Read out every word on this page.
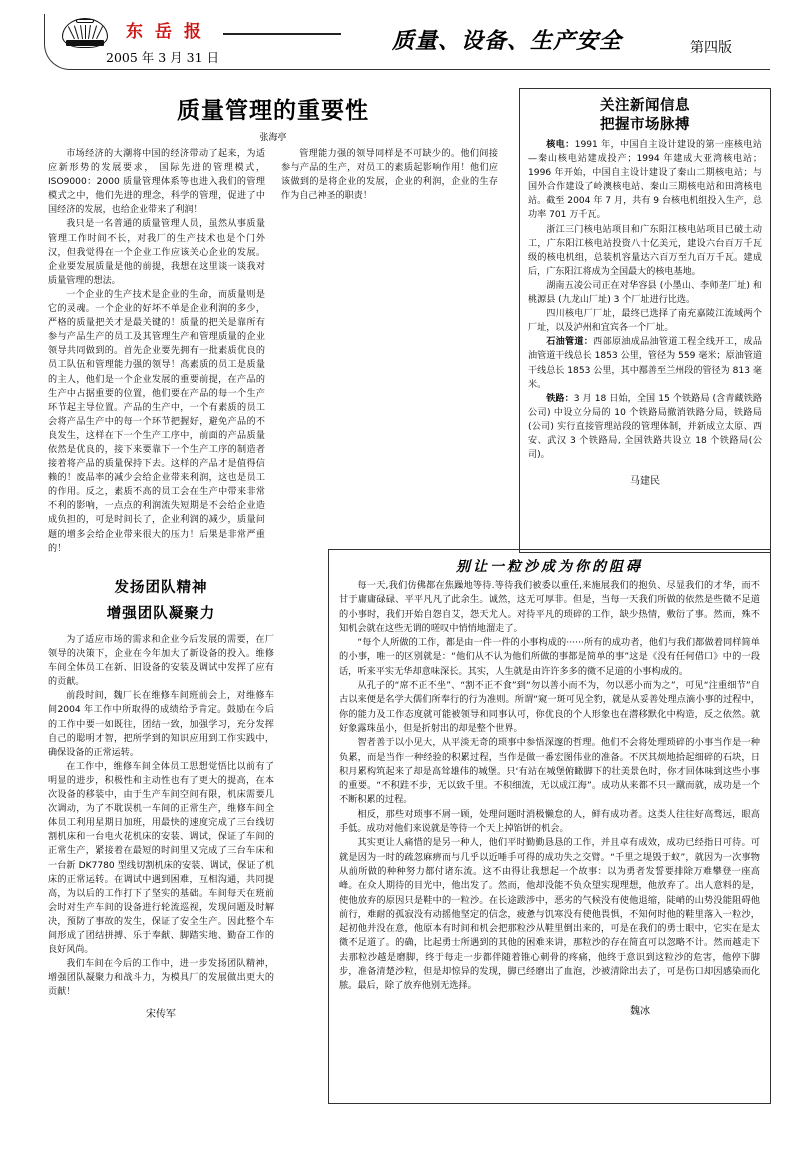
东岳报
2005 年 3 月 31 日
质量、设备、生产安全	第四版
质量管理的重要性
张海亭

市场经济的大潮将中国的经济带动了起来，为适应新形势的发展要求， 国际先进的管理模式， ISO9000：2000 质量管理体系等也进入我们的管理模式之中，他们先进的理念，科学的管理，促进了中国经济的发展，也给企业带来了利润！

我只是一名普通的质量管理人员，虽然从事质量管理工作时间不长，对我厂的生产技术也是个门外汉，但我觉得在一个企业工作应该关心企业的发展。企业要发展质量是他的前提，我想在这里谈一谈我对质量管理的想法。

一个企业的生产技术是企业的生命，而质量则是它的灵魂。一个企业的好坏不单是企业利润的多少，严格的质量把关才是最关键的！质量的把关是靠所有参与产品生产的员工及其管理生产和管理质量的企业领导共同做到的。首先企业要先拥有一批素质优良的员工队伍和管理能力强的领导！高素质的员工是质量的主人，他们是一个企业发展的重要前提，在产品的生产中占据重要的位置，他们要在产品的每一个生产环节起主导位置。产品的生产中，一个有素质的员工会将产品生产中的每一个环节把握好，避免产品的不良发生，这样在下一个生产工序中，前面的产品质量依然是优良的，接下来要靠下一个生产工序的制造者接着将产品的质量保持下去。这样的产品才是值得信赖的！废品率的减少会给企业带来利润，这也是员工的作用。反之，素质不高的员工会在生产中带来非常不利的影响，一点点的利润流失短期是不会给企业造成负担的，可是时间长了，企业利润的减少，质量问题的增多会给企业带来很大的压力！后果是非常严重的！

管理能力强的领导同样是不可缺少的。他们间接参与产品的生产，对员工的素质起影响作用！他们应该做到的是将企业的发展，企业的利润，企业的生存作为自己神圣的职责！

发扬团队精神
增强团队凝聚力

为了适应市场的需求和企业今后发展的需要，在厂领导的决策下，企业在今年加大了新设备的投入。维修车间全体员工在新、旧设备的安装及调试中发挥了应有的贡献。

前段时间，魏厂长在维修车间班前会上，对维修车间2004 年工作中所取得的成绩给予肯定。鼓励在今后的工作中要一如既往，团结一致，加强学习，充分发挥自己的聪明才智，把所学到的知识应用到工作实践中，确保设备的正常运转。

在工作中，维修车间全体员工思想觉悟比以前有了明显的进步，积极性和主动性也有了更大的提高，在本次设备的移装中，由于生产车间空间有限，机床需要几次调动，为了不耽误机一车间的正常生产，维修车间全体员工利用星期日加班，用最快的速度完成了三台线切割机床和一台电火花机床的安装、调试，保证了车间的正常生产，紧接着在最短的时间里又完成了三台车床和一台新 DK7780 型线切割机床的安装、调试，保证了机床的正常运转。在调试中遇到困难，互相沟通，共同提高，为以后的工作打下了坚实的基础。车间每天在班前会时对生产车间的设备进行轮流巡视，发现问题及时解决，预防了事故的发生，保证了安全生产。因此整个车间形成了团结拼搏、乐于奉献、脚踏实地、勤奋工作的良好风尚。

我们车间在今后的工作中，进一步发扬团队精神，增强团队凝聚力和战斗力，为模具厂的发展做出更大的贡献！

宋传军
关注新闻信息
把握市场脉搏

核电：1991 年，中国自主设计建设的第一座核电站—秦山核电站建成投产；1994 年建成大亚湾核电站；1996 年开始，中国自主设计建设了秦山二期核电站；与国外合作建设了岭澳核电站、秦山三期核电站和田湾核电站。截至 2004 年 7 月，共有 9 台核电机组投入生产，总功率 701 万千瓦。

浙江三门核电站项目和广东阳江核电站项目已破土动工，广东阳江核电站投资八十亿美元，建设六台百万千瓦级的核电机组，总装机容量达六百万至九百万千瓦。建成后，广东阳江将成为全国最大的核电基地。

湖南五凌公司正在对华容县 (小墨山、李师垄厂址) 和桃源县 (九龙山厂址) 3 个厂址进行比选。

四川核电厂厂址，最终已选择了南充嘉陵江流域两个厂址，以及泸州和宜宾各一个厂址。

石油管道：西部原油成品油管道工程全线开工，成品油管道干线总长 1853 公里，管径为 559 毫米；原油管道干线总长 1853 公里，其中鄯善至兰州段的管径为 813 毫米。

铁路：3 月 18 日始，全国 15 个铁路局 (含青藏铁路公司) 中设立分局的 10 个铁路局撤消铁路分局，铁路局 (公司) 实行直接管理站段的管理体制，并新成立太原、西安、武汉 3 个铁路局, 全国铁路共设立 18 个铁路局(公司)。

马建民
别让一粒沙成为你的阻碍

每一天,我们仿佛都在焦躁地等待.等待我们被委以重任,来施展我们的抱负、尽显我们的才华，而不甘于庸庸碌碌、平平凡凡了此余生。诚然，这无可厚非。但是，当每一天我们所做的依然是些微不足道的小事时，我们开始自怨自艾，怨天尤人。对待平凡的琐碎的工作，缺少热情，敷衍了事。然而，殊不知机会就在这些无谓的嗟叹中悄悄地溜走了。

“每个人所做的工作，都是由一件一件的小事构成的······所有的成功者，他们与我们都做着同样简单的小事，唯一的区别就是：“他们从不认为他们所做的事都是简单的事”这是《没有任何借口》中的一段话，听来平实无华却意味深长。其实，人生就是由许许多多的微不足道的小事构成的。

从孔子的“席不正不坐”、“割不正不食”到“勿以善小而不为，勿以恶小而为之”，可见“注重细节”自古以来便是名学大儒们所奉行的行为准则。所谓“窥一斑可见全豹，就是从妥善处理点滴小事的过程中，你的能力及工作态度就可能被领导和同事认可，你优良的个人形象也在潜移默化中构造，反之依然。就好象露珠虽小，但是折射出的却是整个世界。

智者善于以小见大，从平淡无奇的琐事中参悟深邃的哲理。他们不会将处理琐碎的小事当作是一种负累，而是当作一种经验的积累过程，当作是做一番宏图伟业的准备。不厌其烦地拾起细碎的石块，日积月累构筑起来了却是高耸雄伟的城堡。只‘有站在城堡俯瞰脚下的壮美景色时，你才回体味到这些小事的重要。“不积跬不步，无以致千里。不积细流，无以成江海”。成功从来都不只一蹴而就，成功是一个不断积累的过程。

相反，那些对琐事不屑一顾，处理问题时消极懒怠的人，鲜有成功者。这类人往往好高骛远，眼高手低。成功对他们来说就是等待一个天上掉馅饼的机会。

其实更让人痛惜的是另一种人，他们平时勤勤恳恳的工作，并且卓有成效，成功已经指日可待。可就是因为一时的疏忽麻痹而与几乎以近唾手可得的成功失之交臂。“千里之堤毁于蚁”，就因为一次事物从前所做的种种努力都付诸东流。这不由得让我想起一个故事：以为勇者发誓要排除万难攀登一座高峰。在众人期待的目光中，他出发了。然而，他却没能不负众望实现理想，他放弃了。出人意料的是，使他放弃的原因只是鞋中的一粒沙。在长途跋涉中，恶劣的气候没有使他退缩，陡峭的山势没能阻碍他前行，难耐的孤寂没有动摇他坚定的信念，疲惫与饥寒没有使他畏惧，不知何时他的鞋里落入一粒沙，起初他并没在意，他原本有时间和机会把那粒沙从鞋里倒出来的，可是在我们的勇士眼中，它实在是太微不足道了。的确，比起勇士所遇到的其他的困难来讲，那粒沙的存在简直可以忽略不计。然而越走下去那粒沙越是磨脚，终于每走一步都伴随着锥心刺骨的疼痛，他终于意识到这粒沙的危害，他停下脚步，准备清楚沙粒，但是却惊异的发现，脚已经磨出了血泡，沙被清除出去了，可是伤口却因感染而化脓。最后，除了放弃他别无选择。

魏冰
